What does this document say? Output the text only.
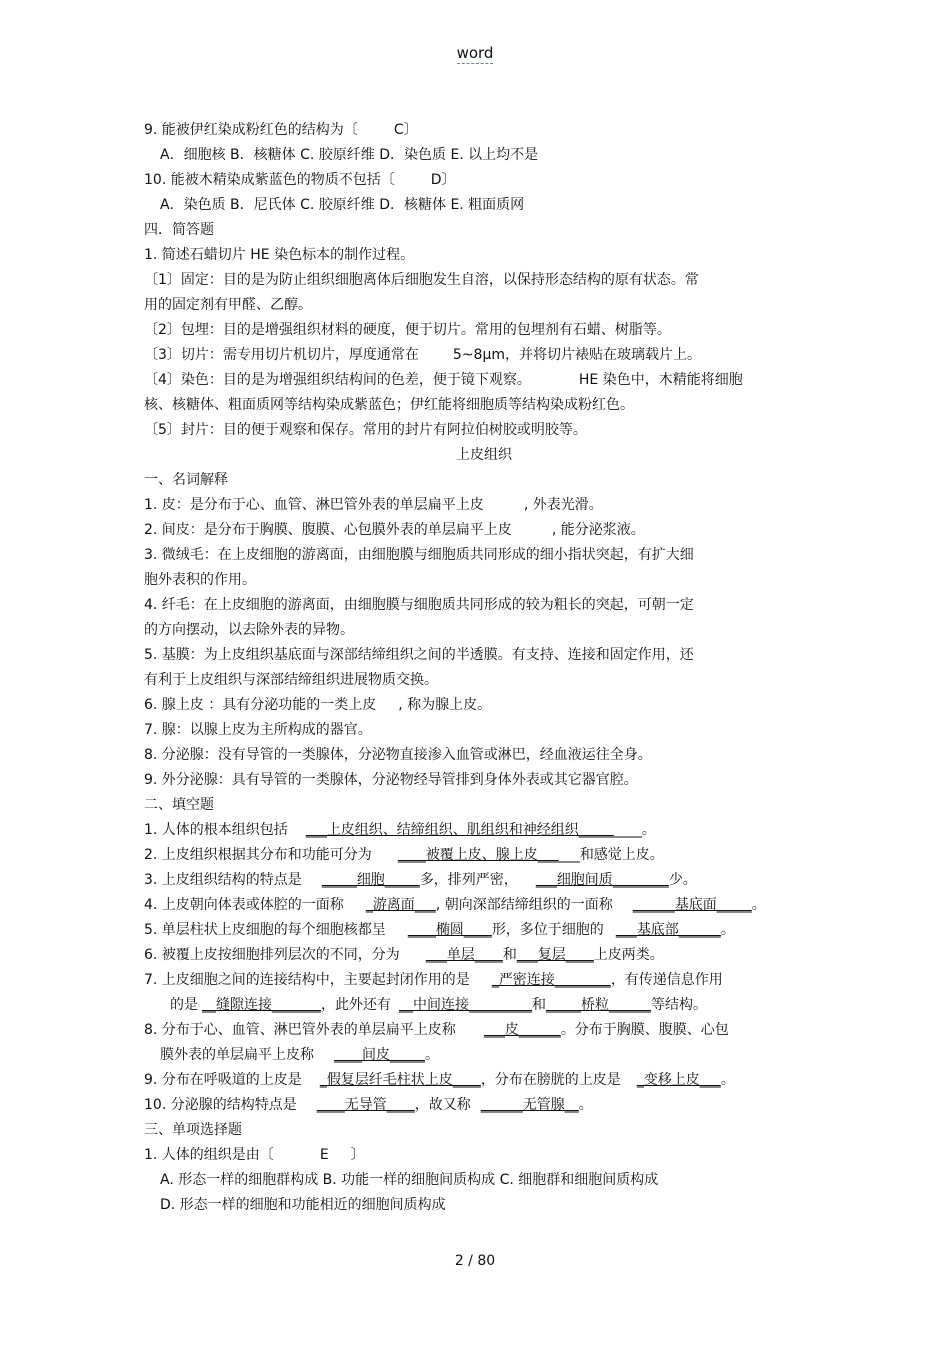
word
9. 能被伊红染成粉红色的结构为〔	C〕
A．细胞核 B．核糖体 C. 胶原纤维 D．染色质 E. 以上均不是
10. 能被木精染成紫蓝色的物质不包括〔	D〕
A．染色质 B．尼氏体 C. 胶原纤维 D．核糖体 E. 粗面质网
四．简答题
1. 简述石蜡切片 HE 染色标本的制作过程。
〔1〕固定：目的是为防止组织细胞离体后细胞发生自溶，以保持形态结构的原有状态。常
用的固定剂有甲醛、乙醇。
〔2〕包埋：目的是增强组织材料的硬度，便于切片。常用的包埋剂有石蜡、树脂等。
〔3〕切片：需专用切片机切片，厚度通常在 5~8μm，并将切片裱贴在玻璃载片上。
〔4〕染色：目的是为增强组织结构间的色差，便于镜下观察。	HE 染色中，木精能将细胞
核、核糖体、粗面质网等结构染成紫蓝色；伊红能将细胞质等结构染成粉红色。
〔5〕封片：目的便于观察和保存。常用的封片有阿拉伯树胶或明胶等。
上皮组织
一、名词解释
1. 皮：是分布于心、血管、淋巴管外表的单层扁平上皮	, 外表光滑。
2. 间皮：是分布于胸膜、腹膜、心包膜外表的单层扁平上皮	, 能分泌浆液。
3. 微绒毛：在上皮细胞的游离面，由细胞膜与细胞质共同形成的细小指状突起，有扩大细
胞外表积的作用。
4. 纤毛：在上皮细胞的游离面，由细胞膜与细胞质共同形成的较为粗长的突起，可朝一定
的方向摆动，以去除外表的异物。
5. 基膜：为上皮组织基底面与深部结缔组织之间的半透膜。有支持、连接和固定作用，还
有利于上皮组织与深部结缔组织进展物质交换。
6. 腺上皮 ：具有分泌功能的一类上皮 , 称为腺上皮。
7. 腺：以腺上皮为主所构成的器官。
8. 分泌腺：没有导管的一类腺体，分泌物直接渗入血管或淋巴，经血液运往全身。
9. 外分泌腺：具有导管的一类腺体，分泌物经导管排到身体外表或其它器官腔。
二、填空题
1. 人体的根本组织包括 ___上皮组织、结缔组织、肌组织和神经组织_________。
2. 上皮组织根据其分布和功能可分为 ____被覆上皮、腺上皮______和感觉上皮。
3. 上皮组织结构的特点是 _____细胞_____多，排列严密， ___细胞间质________少。
4. 上皮朝向体表或体腔的一面称 _游离面___, 朝向深部结缔组织的一面称 ______基底面_____。
5. 单层柱状上皮细胞的每个细胞核都呈 ____椭圆____形，多位于细胞的 ___基底部______。
6. 被覆上皮按细胞排列层次的不同，分为 ___单层____和___复层____上皮两类。
7. 上皮细胞之间的连接结构中，主要起封闭作用的是 _严密连接________，有传递信息作用
的是 __缝隙连接_______，此外还有 __中间连接_________和_____桥粒______等结构。
8. 分布于心、血管、淋巴管外表的单层扁平上皮称 ___皮______。分布于胸膜、腹膜、心包
膜外表的单层扁平上皮称 ____间皮_____。
9. 分布在呼吸道的上皮是 _假复层纤毛柱状上皮____，分布在膀胱的上皮是 _变移上皮___。
10. 分泌腺的结构特点是 ____无导管____，故又称 ______无管腺__。
三、单项选择题
1. 人体的组织是由〔	E 〕
A. 形态一样的细胞群构成 B. 功能一样的细胞间质构成 C. 细胞群和细胞间质构成
D. 形态一样的细胞和功能相近的细胞间质构成
2 / 80
